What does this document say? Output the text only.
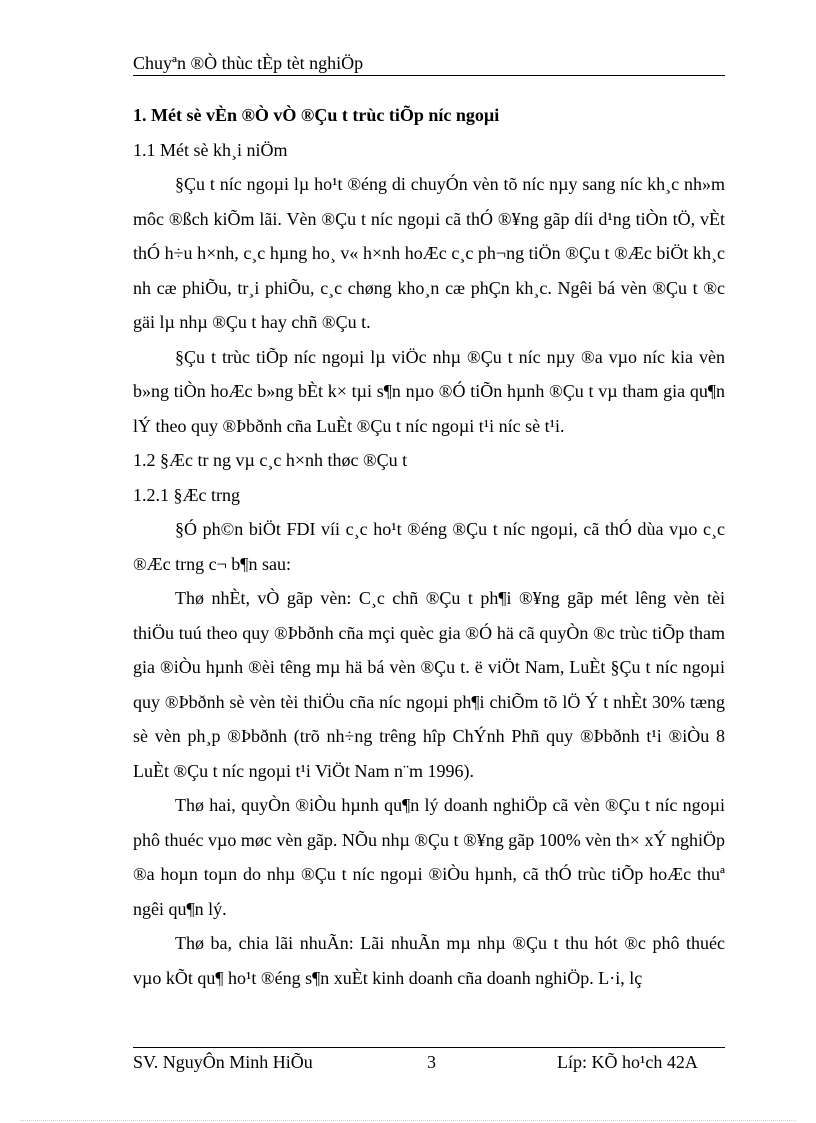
Chuyªn ®Ò thùc tÈp tèt nghiÖp

1. Mét sè vÈn ®Ò vÒ ®Çu t trùc tiÕp níc ngoµi

1.1 Mét sè kh¸i niÖm

§Çu t níc ngoµi lµ ho¹t ®éng di chuyÓn vèn tõ níc nµy sang níc kh¸c nh»m môc ®ßch kiÕm lãi. Vèn ®Çu t níc ngoµi cã thÓ ®¥ng gãp díi d¹ng tiÒn tÖ, vÈt thÓ h÷u h×nh, c¸c hµng ho¸ v« h×nh hoÆc c¸c ph¬ng tiÖn ®Çu t ®Æc biÖt kh¸c nh cæ phiÕu, tr¸i phiÕu, c¸c chøng kho¸n cæ phÇn kh¸c. Ngêi bá vèn ®Çu t ®c gäi lµ nhµ ®Çu t hay chñ ®Çu t.

§Çu t trùc tiÕp níc ngoµi lµ viÖc nhµ ®Çu t níc nµy ®a vµo níc kia vèn b»ng tiÒn hoÆc b»ng bÈt k× tµi s¶n nµo ®Ó tiÕn hµnh ®Çu t vµ tham gia qu¶n lÝ theo quy ®Þbðnh cña LuÈt ®Çu t níc ngoµi t¹i níc sè t¹i.

1.2 §Æc tr ng vµ c¸c h×nh thøc ®Çu t

1.2.1 §Æc trng

§Ó ph©n biÖt FDI víi c¸c ho¹t ®éng ®Çu t níc ngoµi, cã thÓ dùa vµo c¸c ®Æc trng c¬ b¶n sau:

Thø nhÈt, vÒ gãp vèn: C¸c chñ ®Çu t ph¶i ®¥ng gãp mét lêng vèn tèi thiÖu tuú theo quy ®Þbðnh cña mçi quèc gia ®Ó hä cã quyÒn ®c trùc tiÕp tham gia ®iÒu hµnh ®èi têng mµ hä bá vèn ®Çu t. ë viÖt Nam, LuÈt §Çu t níc ngoµi quy ®Þbðnh sè vèn tèi thiÖu cña níc ngoµi ph¶i chiÕm tõ lÖ Ý t nhÈt 30% tæng sè vèn ph¸p ®Þbðnh (trõ nh÷ng trêng hîp ChÝnh Phñ quy ®Þbðnh t¹i ®iÒu 8 LuÈt ®Çu t níc ngoµi t¹i ViÖt Nam n¨m 1996).

Thø hai, quyÒn ®iÒu hµnh qu¶n lý doanh nghiÖp cã vèn ®Çu t níc ngoµi phô thuéc vµo møc vèn gãp. NÕu nhµ ®Çu t ®¥ng gãp 100% vèn th× xÝ nghiÖp ®a hoµn toµn do nhµ ®Çu t níc ngoµi ®iÒu hµnh, cã thÓ trùc tiÕp hoÆc thuª ngêi qu¶n lý.

Thø ba, chia lãi nhuÃn: Lãi nhuÃn mµ nhµ ®Çu t thu hót ®c phô thuéc vµo kÕt qu¶ ho¹t ®éng s¶n xuÈt kinh doanh cña doanh nghiÖp. L·i, lç

SV. NguyÔn Minh HiÕu	3	Líp: KÕ ho¹ch 42A
